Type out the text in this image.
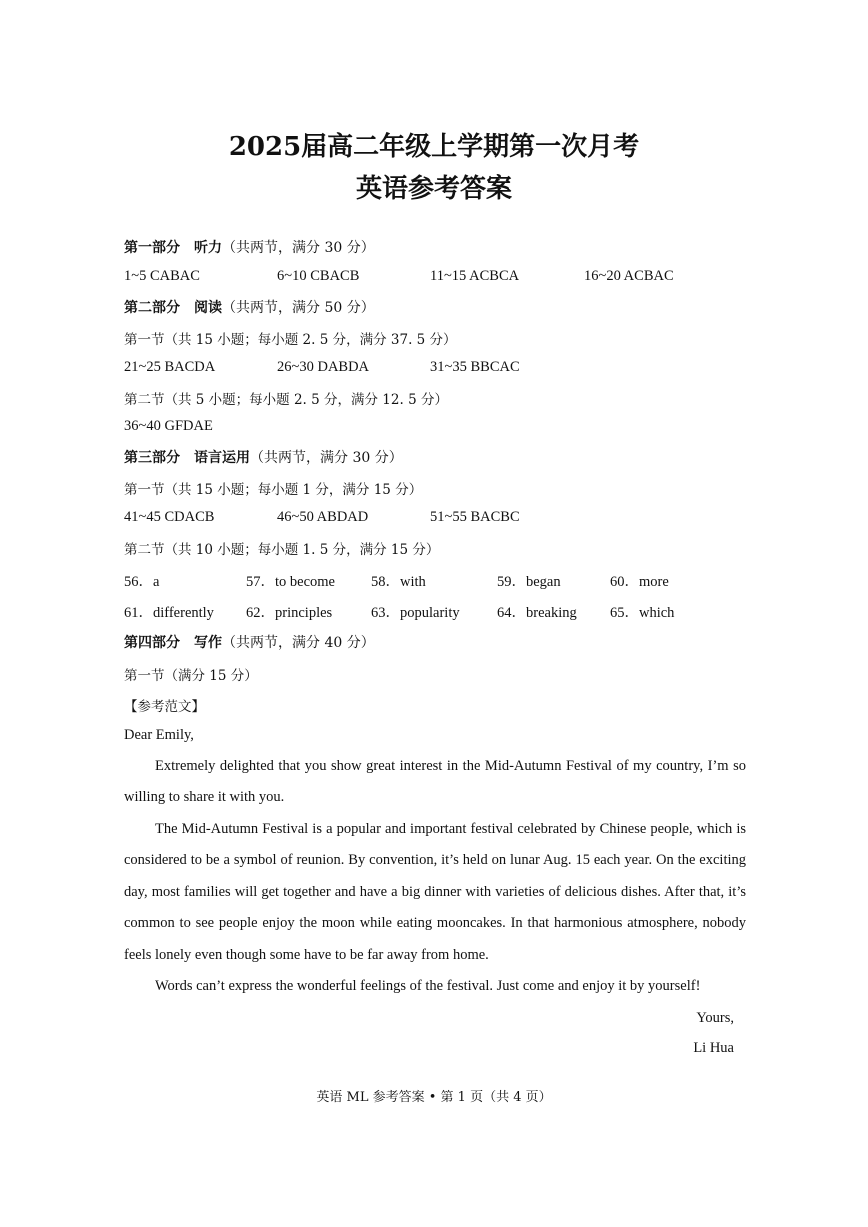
2025届高二年级上学期第一次月考
英语参考答案
第一部分　听力（共两节，满分 30 分）
1~5 CABAC	6~10 CBACB	11~15 ACBCA	16~20 ACBAC
第二部分　阅读（共两节，满分 50 分）
第一节（共 15 小题；每小题 2. 5 分，满分 37. 5 分）
21~25 BACDA	26~30 DABDA	31~35 BBCAC
第二节（共 5 小题；每小题 2. 5 分，满分 12. 5 分）
36~40 GFDAE
第三部分　语言运用（共两节，满分 30 分）
第一节（共 15 小题；每小题 1 分，满分 15 分）
41~45 CDACB	46~50 ABDAD	51~55 BACBC
第二节（共 10 小题；每小题 1. 5 分，满分 15 分）
56．a	57．to become 58．with	59．began	60．more
61．differently 62．principles	63．popularity	64．breaking 65．which
第四部分　写作（共两节，满分 40 分）
第一节（满分 15 分）
【参考范文】
Dear Emily,
Extremely delighted that you show great interest in the Mid-Autumn Festival of my country, I’m so willing to share it with you.
The Mid-Autumn Festival is a popular and important festival celebrated by Chinese people, which is considered to be a symbol of reunion. By convention, it’s held on lunar Aug. 15 each year. On the exciting day, most families will get together and have a big dinner with varieties of delicious dishes. After that, it’s common to see people enjoy the moon while eating mooncakes. In that harmonious atmosphere, nobody feels lonely even though some have to be far away from home.
Words can’t express the wonderful feelings of the festival. Just come and enjoy it by yourself!
Yours,
Li Hua
英语 ML 参考答案 • 第 1 页（共 4 页）
